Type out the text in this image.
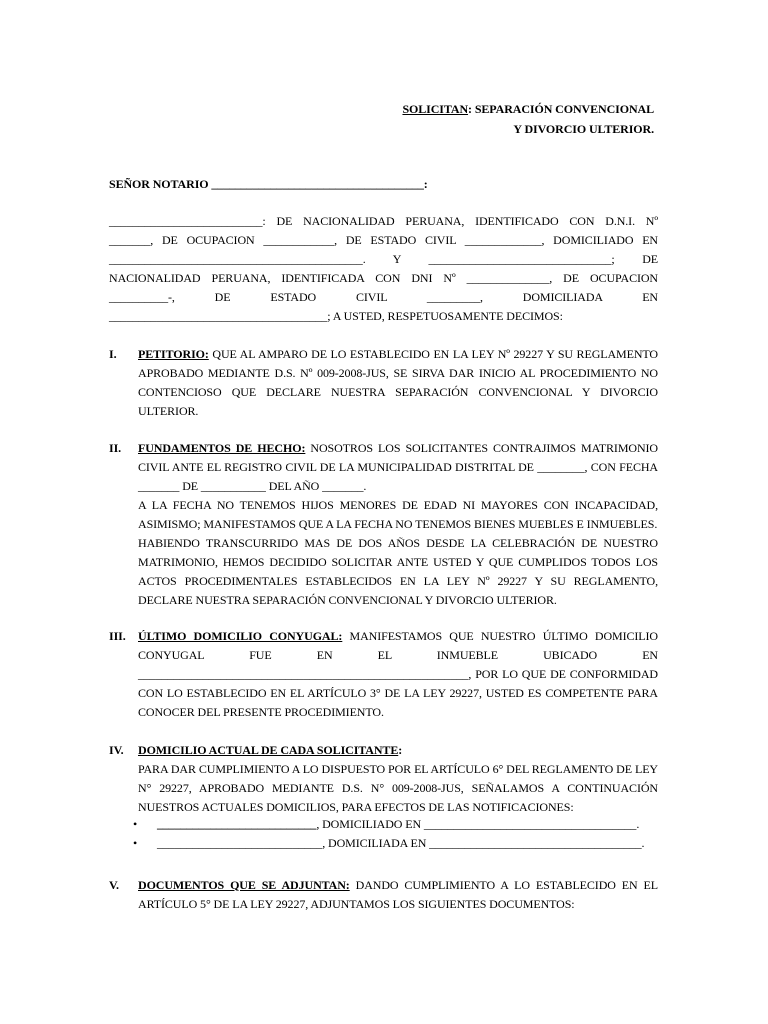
SOLICITAN: SEPARACIÓN CONVENCIONAL
Y DIVORCIO ULTERIOR.
SEÑOR NOTARIO ____________________________________:
__________________________: DE NACIONALIDAD PERUANA, IDENTIFICADO CON D.N.I. Nº
_______, DE OCUPACION ____________, DE ESTADO CIVIL _____________, DOMICILIADO EN
___________________________________________. Y _______________________________; DE
NACIONALIDAD PERUANA, IDENTIFICADA CON DNI Nº ______________, DE OCUPACION
__________-, DE ESTADO CIVIL _________, DOMICILIADA EN
_____________________________________; A USTED, RESPETUOSAMENTE DECIMOS:
I. PETITORIO: QUE AL AMPARO DE LO ESTABLECIDO EN LA LEY Nº 29227 Y SU REGLAMENTO APROBADO MEDIANTE D.S. Nº 009-2008-JUS, SE SIRVA DAR INICIO AL PROCEDIMIENTO NO CONTENCIOSO QUE DECLARE NUESTRA SEPARACIÓN CONVENCIONAL Y DIVORCIO ULTERIOR.
II. FUNDAMENTOS DE HECHO: NOSOTROS LOS SOLICITANTES CONTRAJIMOS MATRIMONIO CIVIL ANTE EL REGISTRO CIVIL DE LA MUNICIPALIDAD DISTRITAL DE ________, CON FECHA _______ DE ___________ DEL AÑO _______.
A LA FECHA NO TENEMOS HIJOS MENORES DE EDAD NI MAYORES CON INCAPACIDAD, ASIMISMO; MANIFESTAMOS QUE A LA FECHA NO TENEMOS BIENES MUEBLES E INMUEBLES.
HABIENDO TRANSCURRIDO MAS DE DOS AÑOS DESDE LA CELEBRACIÓN DE NUESTRO MATRIMONIO, HEMOS DECIDIDO SOLICITAR ANTE USTED Y QUE CUMPLIDOS TODOS LOS ACTOS PROCEDIMENTALES ESTABLECIDOS EN LA LEY Nº 29227 Y SU REGLAMENTO, DECLARE NUESTRA SEPARACIÓN CONVENCIONAL Y DIVORCIO ULTERIOR.
III. ÚLTIMO DOMICILIO CONYUGAL: MANIFESTAMOS QUE NUESTRO ÚLTIMO DOMICILIO CONYUGAL FUE EN EL INMUEBLE UBICADO EN ________________________________________________________, POR LO QUE DE CONFORMIDAD CON LO ESTABLECIDO EN EL ARTÍCULO 3° DE LA LEY 29227, USTED ES COMPETENTE PARA CONOCER DEL PRESENTE PROCEDIMIENTO.
IV. DOMICILIO ACTUAL DE CADA SOLICITANTE:
PARA DAR CUMPLIMIENTO A LO DISPUESTO POR EL ARTÍCULO 6° DEL REGLAMENTO DE LEY N° 29227, APROBADO MEDIANTE D.S. N° 009-2008-JUS, SEÑALAMOS A CONTINUACIÓN NUESTROS ACTUALES DOMICILIOS, PARA EFECTOS DE LAS NOTIFICACIONES:
• ___________________________, DOMICILIADO EN ____________________________________.
• ____________________________, DOMICILIADA EN ____________________________________.
V. DOCUMENTOS QUE SE ADJUNTAN: DANDO CUMPLIMIENTO A LO ESTABLECIDO EN EL ARTÍCULO 5° DE LA LEY 29227, ADJUNTAMOS LOS SIGUIENTES DOCUMENTOS:
